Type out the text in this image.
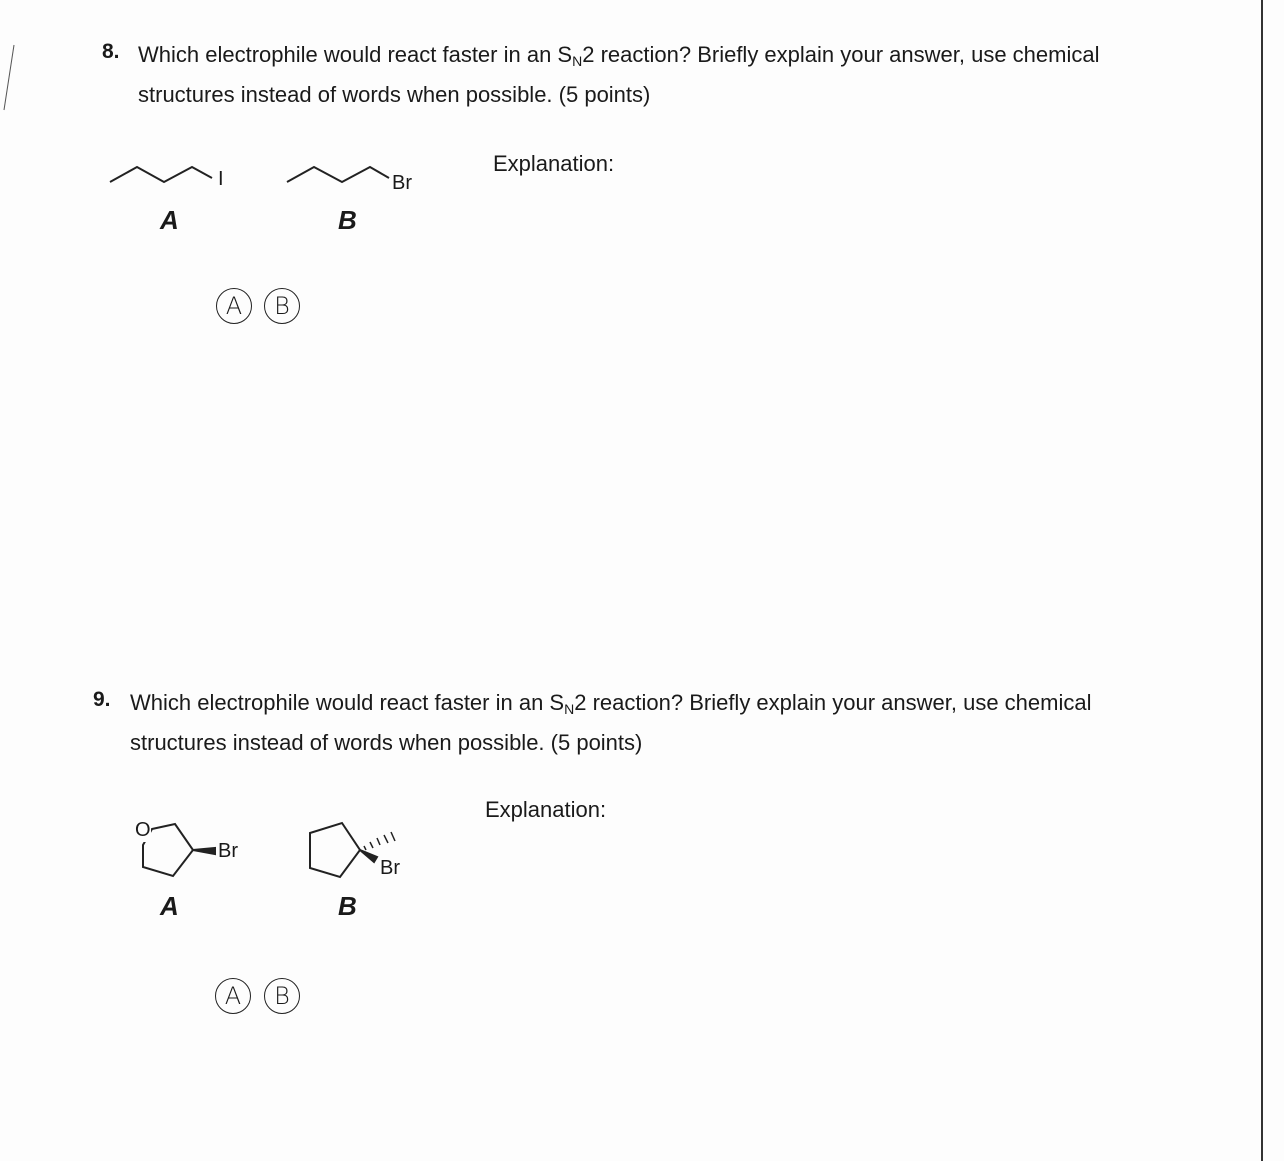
8. Which electrophile would react faster in an $S_N2$ reaction? Briefly explain your answer, use chemical
structures instead of words when possible. (5 points)
Explanation:
I	Br
A	B
A	B
9. Which electrophile would react faster in an $S_N2$ reaction? Briefly explain your answer, use chemical
structures instead of words when possible. (5 points)
Explanation:
O
Br
Br
A	B
A	B
